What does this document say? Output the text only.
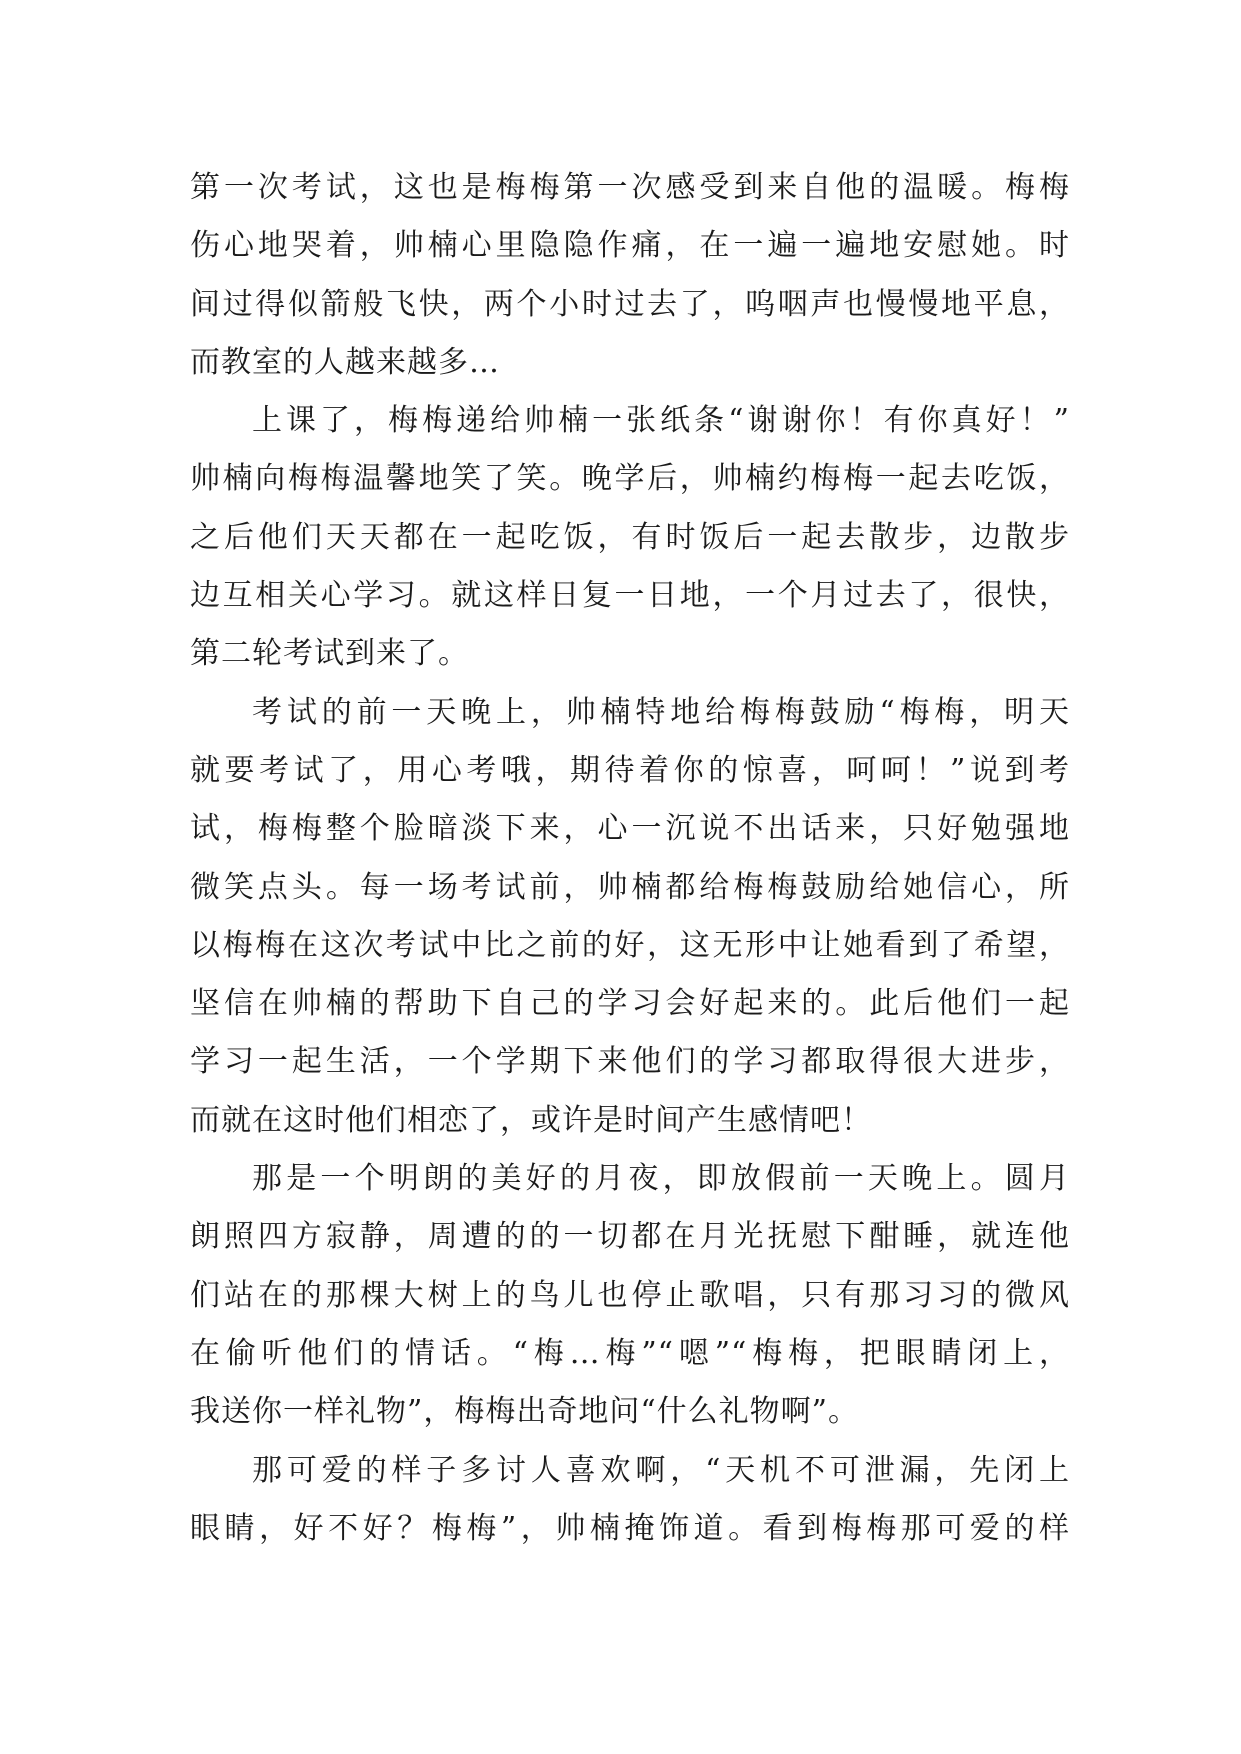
第一次考试，这也是梅梅第一次感受到来自他的温暖。梅梅
伤心地哭着，帅楠心里隐隐作痛，在一遍一遍地安慰她。时
间过得似箭般飞快，两个小时过去了，呜咽声也慢慢地平息，
而教室的人越来越多…
上课了，梅梅递给帅楠一张纸条“谢谢你！有你真好！”
帅楠向梅梅温馨地笑了笑。晚学后，帅楠约梅梅一起去吃饭，
之后他们天天都在一起吃饭，有时饭后一起去散步，边散步
边互相关心学习。就这样日复一日地，一个月过去了，很快，
第二轮考试到来了。
考试的前一天晚上，帅楠特地给梅梅鼓励“梅梅，明天
就要考试了，用心考哦，期待着你的惊喜，呵呵！”说到考
试，梅梅整个脸暗淡下来，心一沉说不出话来，只好勉强地
微笑点头。每一场考试前，帅楠都给梅梅鼓励给她信心，所
以梅梅在这次考试中比之前的好，这无形中让她看到了希望，
坚信在帅楠的帮助下自己的学习会好起来的。此后他们一起
学习一起生活，一个学期下来他们的学习都取得很大进步，
而就在这时他们相恋了，或许是时间产生感情吧！
那是一个明朗的美好的月夜，即放假前一天晚上。圆月
朗照四方寂静，周遭的的一切都在月光抚慰下酣睡，就连他
们站在的那棵大树上的鸟儿也停止歌唱，只有那习习的微风
在偷听他们的情话。“梅…梅”“嗯”“梅梅，把眼睛闭上，
我送你一样礼物”，梅梅出奇地问“什么礼物啊”。
那可爱的样子多讨人喜欢啊，“天机不可泄漏，先闭上
眼睛，好不好？梅梅”，帅楠掩饰道。看到梅梅那可爱的样
